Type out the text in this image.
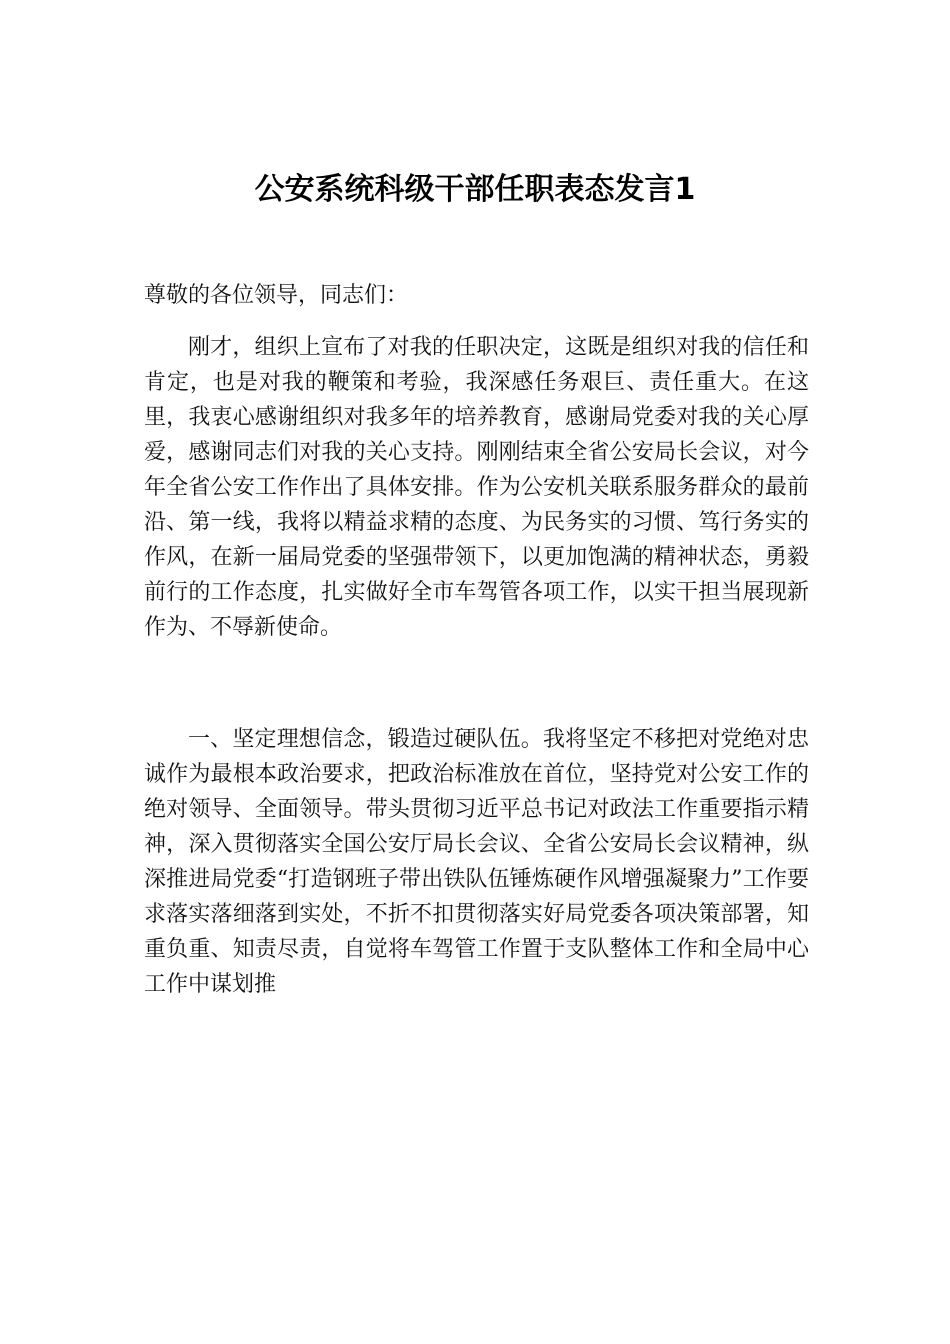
公安系统科级干部任职表态发言1

尊敬的各位领导，同志们：

刚才，组织上宣布了对我的任职决定，这既是组织对我的信任和肯定，也是对我的鞭策和考验，我深感任务艰巨、责任重大。在这里，我衷心感谢组织对我多年的培养教育，感谢局党委对我的关心厚爱，感谢同志们对我的关心支持。刚刚结束全省公安局长会议，对今年全省公安工作作出了具体安排。作为公安机关联系服务群众的最前沿、第一线，我将以精益求精的态度、为民务实的习惯、笃行务实的作风，在新一届局党委的坚强带领下，以更加饱满的精神状态，勇毅前行的工作态度，扎实做好全市车驾管各项工作，以实干担当展现新作为、不辱新使命。

一、坚定理想信念，锻造过硬队伍。我将坚定不移把对党绝对忠诚作为最根本政治要求，把政治标准放在首位，坚持党对公安工作的绝对领导、全面领导。带头贯彻习近平总书记对政法工作重要指示精神，深入贯彻落实全国公安厅局长会议、全省公安局长会议精神，纵深推进局党委“打造钢班子带出铁队伍锤炼硬作风增强凝聚力”工作要求落实落细落到实处，不折不扣贯彻落实好局党委各项决策部署，知重负重、知责尽责，自觉将车驾管工作置于支队整体工作和全局中心工作中谋划推
